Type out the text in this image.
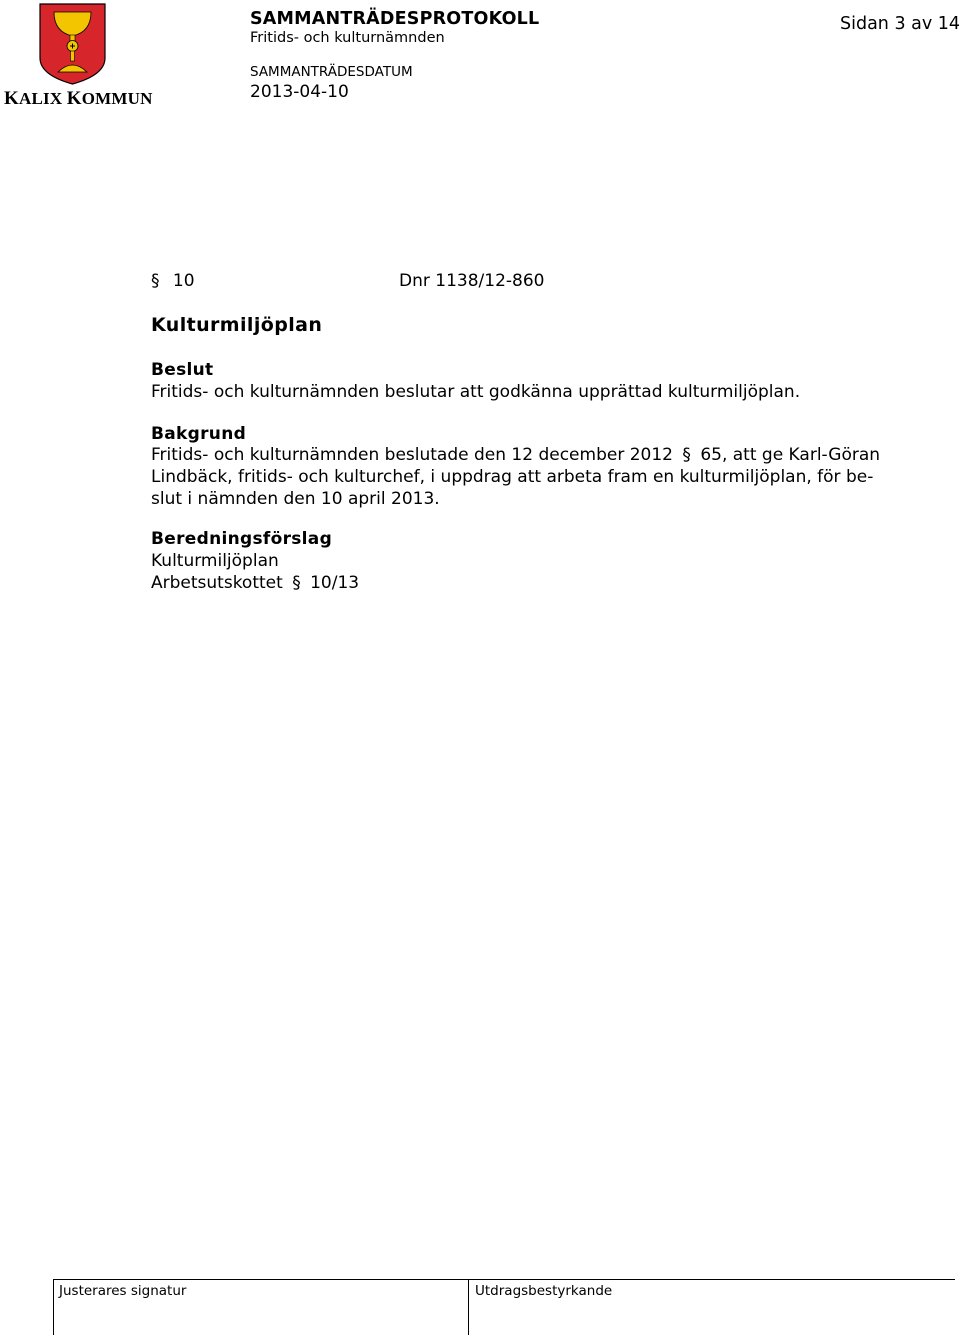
KALIX KOMMUN
SAMMANTRÄDESPROTOKOLL
Fritids- och kulturnämnden
SAMMANTRÄDESDATUM
2013-04-10
Sidan 3 av 14
§ 10	Dnr 1138/12-860
Kulturmiljöplan
Beslut
Fritids- och kulturnämnden beslutar att godkänna upprättad kulturmiljöplan.
Bakgrund
Fritids- och kulturnämnden beslutade den 12 december 2012 § 65, att ge Karl-Göran
Lindbäck, fritids- och kulturchef, i uppdrag att arbeta fram en kulturmiljöplan, för be-
slut i nämnden den 10 april 2013.
Beredningsförslag
Kulturmiljöplan
Arbetsutskottet § 10/13
Justerares signatur	Utdragsbestyrkande
